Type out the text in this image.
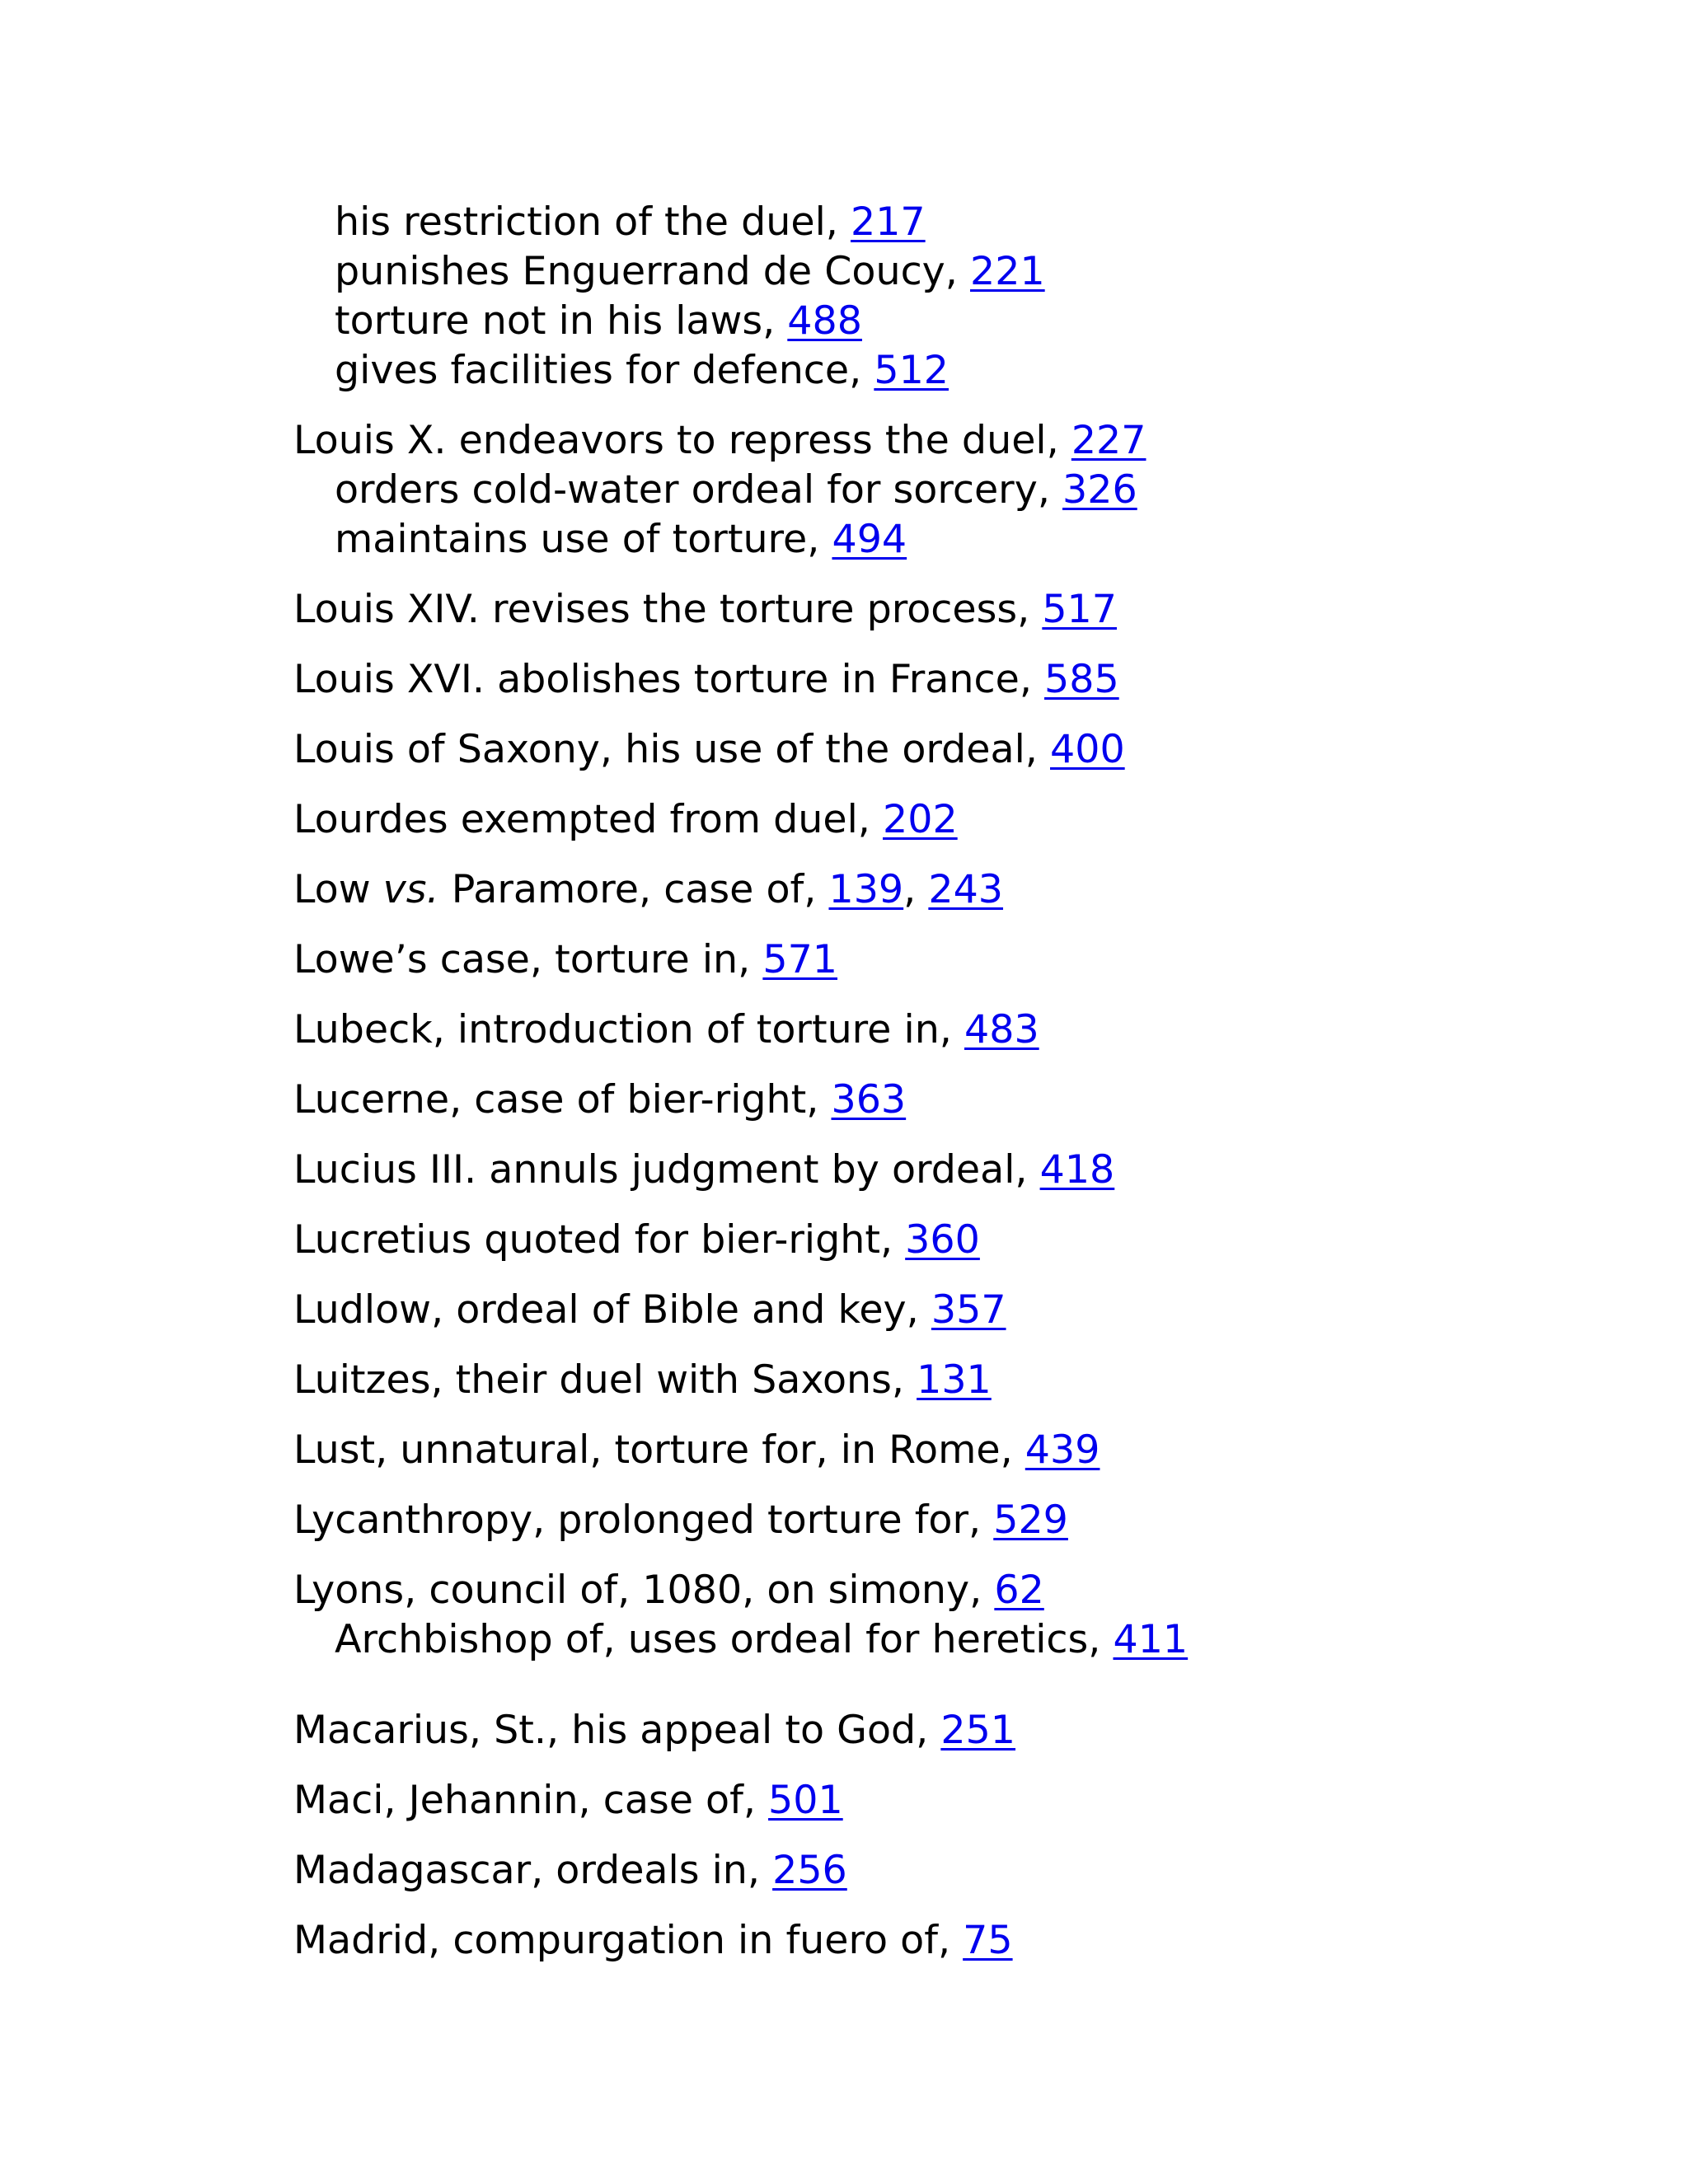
his restriction of the duel, 217
punishes Enguerrand de Coucy, 221
torture not in his laws, 488
gives facilities for defence, 512
Louis X. endeavors to repress the duel, 227
orders cold-water ordeal for sorcery, 326
maintains use of torture, 494
Louis XIV. revises the torture process, 517
Louis XVI. abolishes torture in France, 585
Louis of Saxony, his use of the ordeal, 400
Lourdes exempted from duel, 202
Low vs. Paramore, case of, 139, 243
Lowe’s case, torture in, 571
Lubeck, introduction of torture in, 483
Lucerne, case of bier-right, 363
Lucius III. annuls judgment by ordeal, 418
Lucretius quoted for bier-right, 360
Ludlow, ordeal of Bible and key, 357
Luitzes, their duel with Saxons, 131
Lust, unnatural, torture for, in Rome, 439
Lycanthropy, prolonged torture for, 529
Lyons, council of, 1080, on simony, 62
Archbishop of, uses ordeal for heretics, 411
Macarius, St., his appeal to God, 251
Maci, Jehannin, case of, 501
Madagascar, ordeals in, 256
Madrid, compurgation in fuero of, 75
